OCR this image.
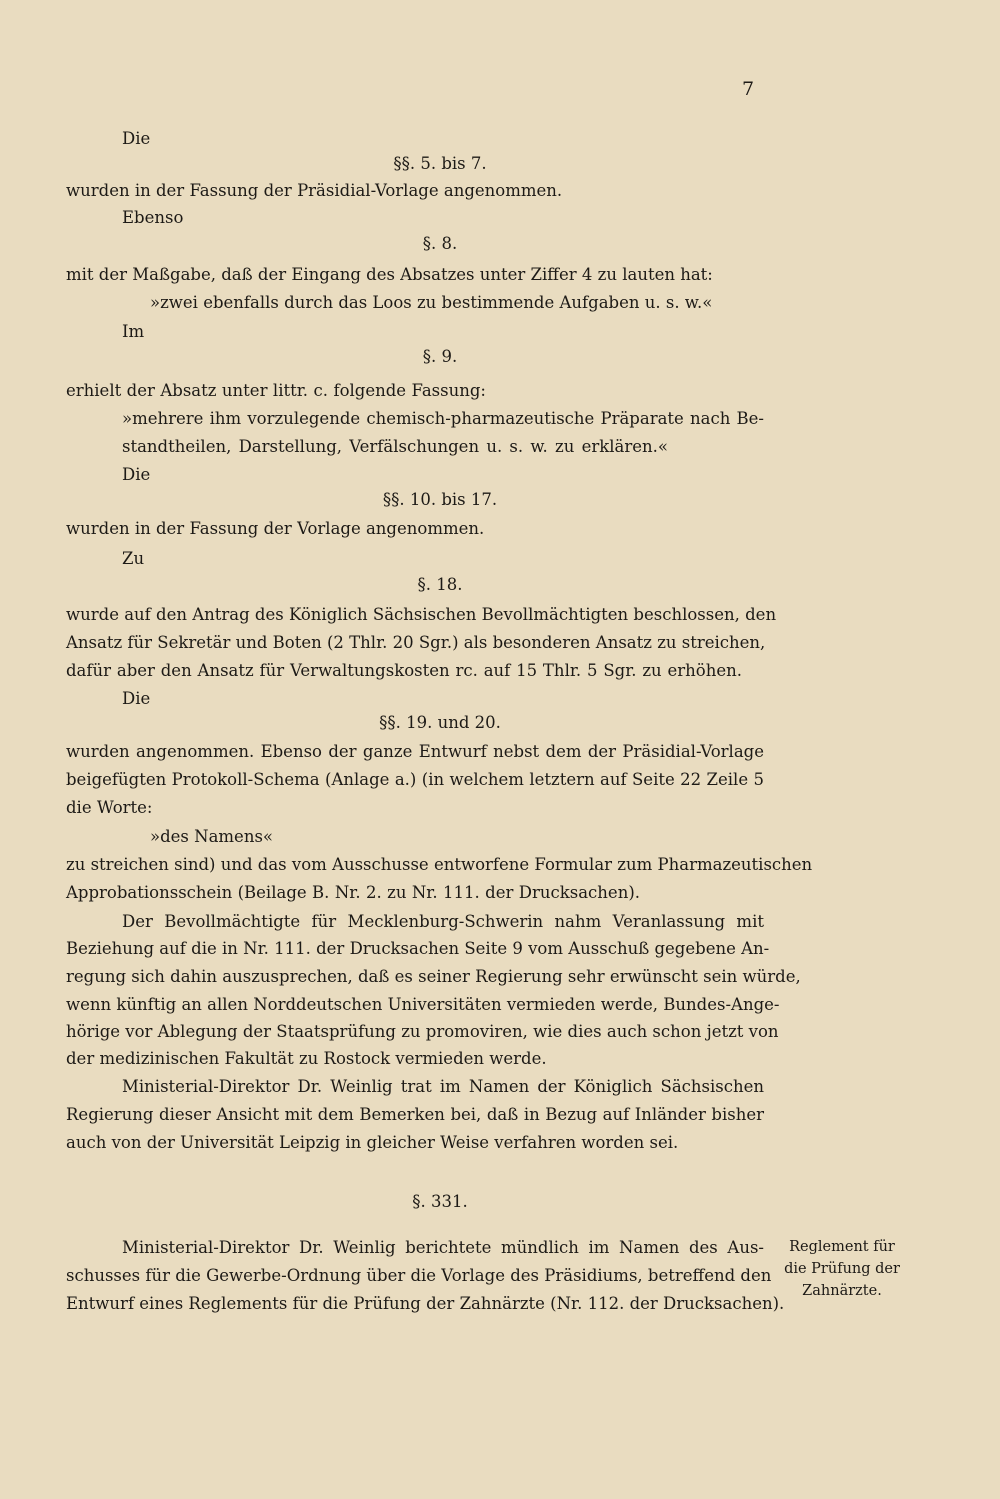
7

Die

§§. 5. bis 7.

wurden in der Fassung der Präsidial-Vorlage angenommen.

Ebenso

§. 8.

mit der Maßgabe, daß der Eingang des Absatzes unter Ziffer 4 zu lauten hat:

»zwei ebenfalls durch das Loos zu bestimmende Aufgaben u. s. w.«

Im

§. 9.

erhielt der Absatz unter littr. c. folgende Fassung:

»mehrere ihm vorzulegende chemisch-pharmazeutische Präparate nach Be-

standtheilen, Darstellung, Verfälschungen u. s. w. zu erklären.«

Die

§§. 10. bis 17.

wurden in der Fassung der Vorlage angenommen.

Zu

§. 18.

wurde auf den Antrag des Königlich Sächsischen Bevollmächtigten beschlossen, den

Ansatz für Sekretär und Boten (2 Thlr. 20 Sgr.) als besonderen Ansatz zu streichen,

dafür aber den Ansatz für Verwaltungskosten rc. auf 15 Thlr. 5 Sgr. zu erhöhen.

Die

§§. 19. und 20.

wurden angenommen. Ebenso der ganze Entwurf nebst dem der Präsidial-Vorlage

beigefügten Protokoll-Schema (Anlage a.) (in welchem letztern auf Seite 22 Zeile 5

die Worte:

»des Namens«

zu streichen sind) und das vom Ausschusse entworfene Formular zum Pharmazeutischen

Approbationsschein (Beilage B. Nr. 2. zu Nr. 111. der Drucksachen).

Der Bevollmächtigte für Mecklenburg-Schwerin nahm Veranlassung mit

Beziehung auf die in Nr. 111. der Drucksachen Seite 9 vom Ausschuß gegebene An-

regung sich dahin auszusprechen, daß es seiner Regierung sehr erwünscht sein würde,

wenn künftig an allen Norddeutschen Universitäten vermieden werde, Bundes-Ange-

hörige vor Ablegung der Staatsprüfung zu promoviren, wie dies auch schon jetzt von

der medizinischen Fakultät zu Rostock vermieden werde.

Ministerial-Direktor Dr. Weinlig trat im Namen der Königlich Sächsischen

Regierung dieser Ansicht mit dem Bemerken bei, daß in Bezug auf Inländer bisher

auch von der Universität Leipzig in gleicher Weise verfahren worden sei.

§. 331.

Ministerial-Direktor Dr. Weinlig berichtete mündlich im Namen des Aus-

schusses für die Gewerbe-Ordnung über die Vorlage des Präsidiums, betreffend den

Entwurf eines Reglements für die Prüfung der Zahnärzte (Nr. 112. der Drucksachen).

Reglement für
die Prüfung der
Zahnärzte.
